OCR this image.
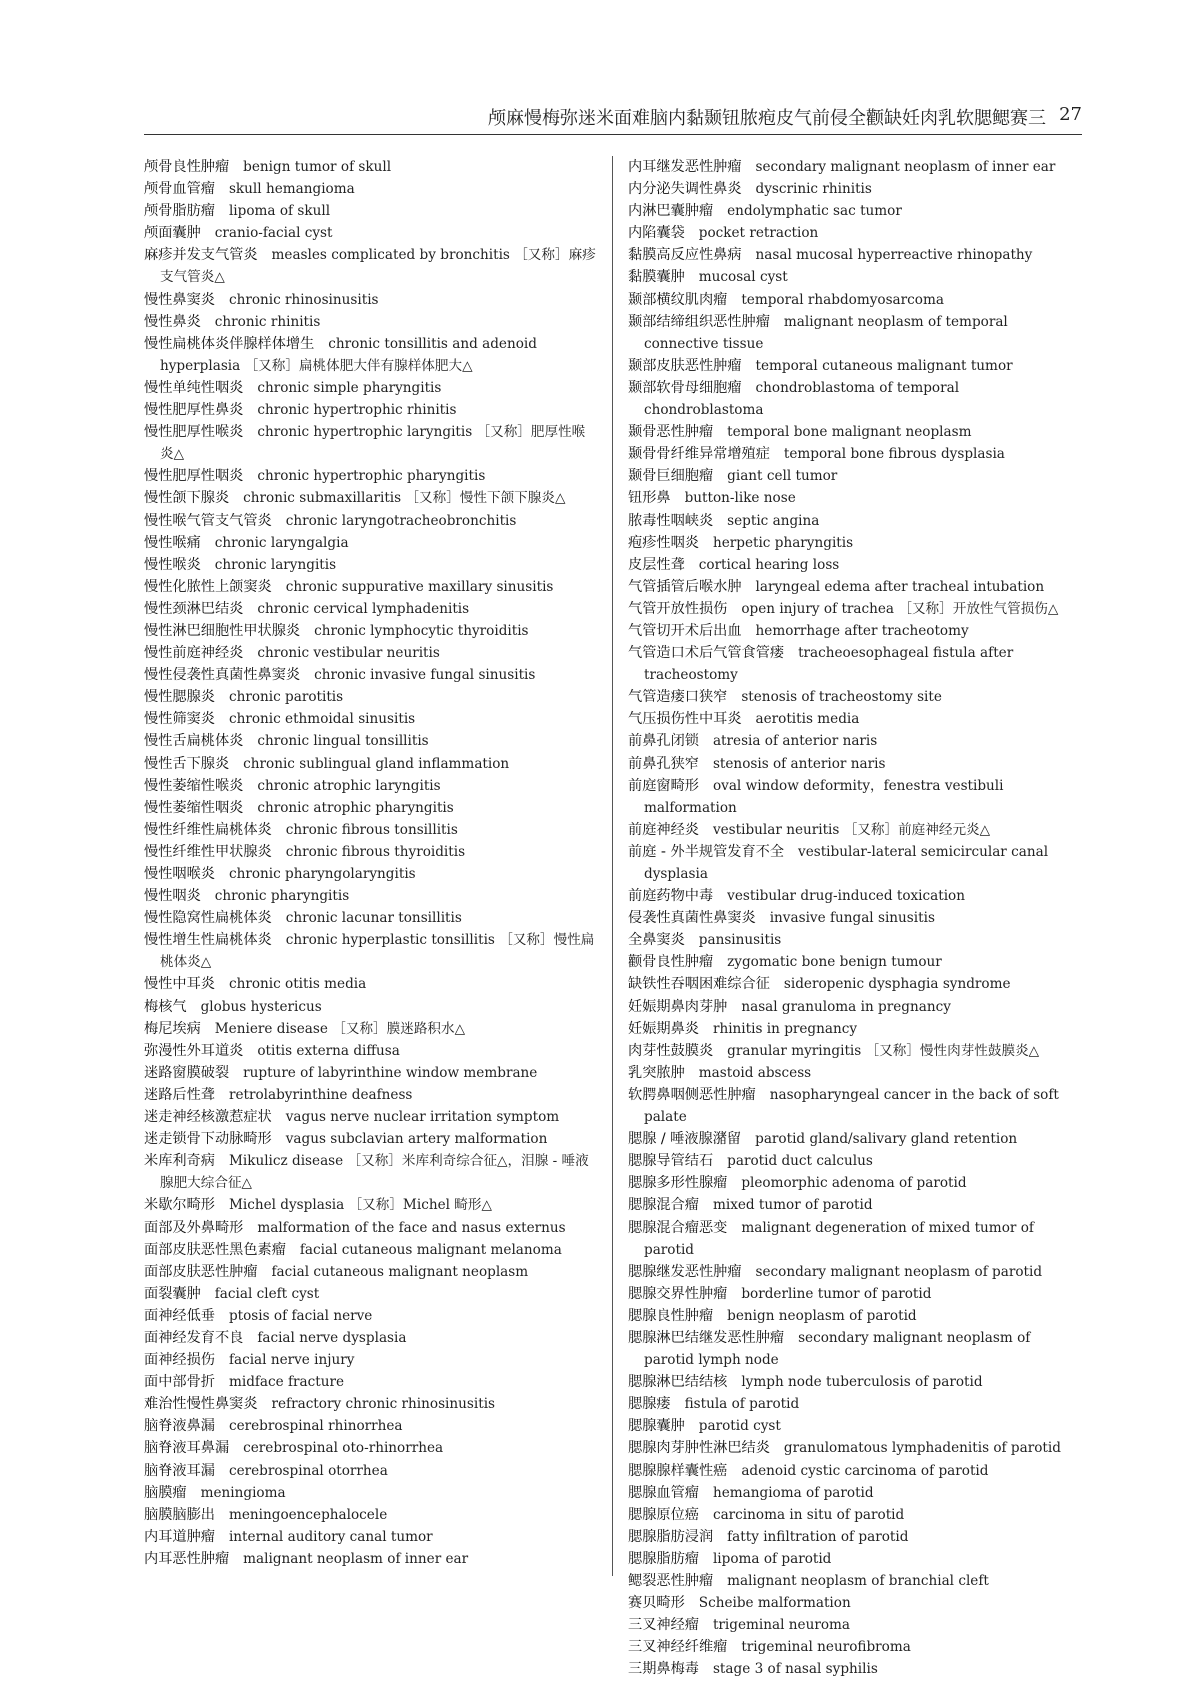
颅麻慢梅弥迷米面难脑内黏颞钮脓疱皮气前侵全颧缺妊肉乳软腮鳃赛三 27

颅骨良性肿瘤 benign tumor of skull

颅骨血管瘤 skull hemangioma

颅骨脂肪瘤 lipoma of skull

颅面囊肿 cranio-facial cyst

麻疹并发支气管炎 measles complicated by bronchitis ［又称］麻疹支气管炎△

慢性鼻窦炎 chronic rhinosinusitis

慢性鼻炎 chronic rhinitis

慢性扁桃体炎伴腺样体增生 chronic tonsillitis and adenoid hyperplasia ［又称］扁桃体肥大伴有腺样体肥大△

慢性单纯性咽炎 chronic simple pharyngitis

慢性肥厚性鼻炎 chronic hypertrophic rhinitis

慢性肥厚性喉炎 chronic hypertrophic laryngitis ［又称］肥厚性喉炎△

慢性肥厚性咽炎 chronic hypertrophic pharyngitis

慢性颌下腺炎 chronic submaxillaritis ［又称］慢性下颌下腺炎△

慢性喉气管支气管炎 chronic laryngotracheobronchitis

慢性喉痛 chronic laryngalgia

慢性喉炎 chronic laryngitis

慢性化脓性上颌窦炎 chronic suppurative maxillary sinusitis

慢性颈淋巴结炎 chronic cervical lymphadenitis

慢性淋巴细胞性甲状腺炎 chronic lymphocytic thyroiditis

慢性前庭神经炎 chronic vestibular neuritis

慢性侵袭性真菌性鼻窦炎 chronic invasive fungal sinusitis

慢性腮腺炎 chronic parotitis

慢性筛窦炎 chronic ethmoidal sinusitis

慢性舌扁桃体炎 chronic lingual tonsillitis

慢性舌下腺炎 chronic sublingual gland inflammation

慢性萎缩性喉炎 chronic atrophic laryngitis

慢性萎缩性咽炎 chronic atrophic pharyngitis

慢性纤维性扁桃体炎 chronic fibrous tonsillitis

慢性纤维性甲状腺炎 chronic fibrous thyroiditis

慢性咽喉炎 chronic pharyngolaryngitis

慢性咽炎 chronic pharyngitis

慢性隐窝性扁桃体炎 chronic lacunar tonsillitis

慢性增生性扁桃体炎 chronic hyperplastic tonsillitis ［又称］慢性扁桃体炎△

慢性中耳炎 chronic otitis media

梅核气 globus hystericus

梅尼埃病 Meniere disease ［又称］膜迷路积水△

弥漫性外耳道炎 otitis externa diffusa

迷路窗膜破裂 rupture of labyrinthine window membrane

迷路后性聋 retrolabyrinthine deafness

迷走神经核激惹症状 vagus nerve nuclear irritation symptom

迷走锁骨下动脉畸形 vagus subclavian artery malformation

米库利奇病 Mikulicz disease ［又称］米库利奇综合征△，泪腺 - 唾液腺肥大综合征△

米歇尔畸形 Michel dysplasia ［又称］Michel 畸形△

面部及外鼻畸形 malformation of the face and nasus externus

面部皮肤恶性黑色素瘤 facial cutaneous malignant melanoma

面部皮肤恶性肿瘤 facial cutaneous malignant neoplasm

面裂囊肿 facial cleft cyst

面神经低垂 ptosis of facial nerve

面神经发育不良 facial nerve dysplasia

面神经损伤 facial nerve injury

面中部骨折 midface fracture

难治性慢性鼻窦炎 refractory chronic rhinosinusitis

脑脊液鼻漏 cerebrospinal rhinorrhea

脑脊液耳鼻漏 cerebrospinal oto-rhinorrhea

脑脊液耳漏 cerebrospinal otorrhea

脑膜瘤 meningioma

脑膜脑膨出 meningoencephalocele

内耳道肿瘤 internal auditory canal tumor

内耳恶性肿瘤 malignant neoplasm of inner ear

内耳继发恶性肿瘤 secondary malignant neoplasm of inner ear

内分泌失调性鼻炎 dyscrinic rhinitis

内淋巴囊肿瘤 endolymphatic sac tumor

内陷囊袋 pocket retraction

黏膜高反应性鼻病 nasal mucosal hyperreactive rhinopathy

黏膜囊肿 mucosal cyst

颞部横纹肌肉瘤 temporal rhabdomyosarcoma

颞部结缔组织恶性肿瘤 malignant neoplasm of temporal connective tissue

颞部皮肤恶性肿瘤 temporal cutaneous malignant tumor

颞部软骨母细胞瘤 chondroblastoma of temporal chondroblastoma

颞骨恶性肿瘤 temporal bone malignant neoplasm

颞骨骨纤维异常增殖症 temporal bone fibrous dysplasia

颞骨巨细胞瘤 giant cell tumor

钮形鼻 button-like nose

脓毒性咽峡炎 septic angina

疱疹性咽炎 herpetic pharyngitis

皮层性聋 cortical hearing loss

气管插管后喉水肿 laryngeal edema after tracheal intubation

气管开放性损伤 open injury of trachea ［又称］开放性气管损伤△

气管切开术后出血 hemorrhage after tracheotomy

气管造口术后气管食管瘘 tracheoesophageal fistula after tracheostomy

气管造瘘口狭窄 stenosis of tracheostomy site

气压损伤性中耳炎 aerotitis media

前鼻孔闭锁 atresia of anterior naris

前鼻孔狭窄 stenosis of anterior naris

前庭窗畸形 oval window deformity，fenestra vestibuli malformation

前庭神经炎 vestibular neuritis ［又称］前庭神经元炎△

前庭 - 外半规管发育不全 vestibular-lateral semicircular canal dysplasia

前庭药物中毒 vestibular drug-induced toxication

侵袭性真菌性鼻窦炎 invasive fungal sinusitis

全鼻窦炎 pansinusitis

颧骨良性肿瘤 zygomatic bone benign tumour

缺铁性吞咽困难综合征 sideropenic dysphagia syndrome

妊娠期鼻肉芽肿 nasal granuloma in pregnancy

妊娠期鼻炎 rhinitis in pregnancy

肉芽性鼓膜炎 granular myringitis ［又称］慢性肉芽性鼓膜炎△

乳突脓肿 mastoid abscess

软腭鼻咽侧恶性肿瘤 nasopharyngeal cancer in the back of soft palate

腮腺 / 唾液腺潴留 parotid gland/salivary gland retention

腮腺导管结石 parotid duct calculus

腮腺多形性腺瘤 pleomorphic adenoma of parotid

腮腺混合瘤 mixed tumor of parotid

腮腺混合瘤恶变 malignant degeneration of mixed tumor of parotid

腮腺继发恶性肿瘤 secondary malignant neoplasm of parotid

腮腺交界性肿瘤 borderline tumor of parotid

腮腺良性肿瘤 benign neoplasm of parotid

腮腺淋巴结继发恶性肿瘤 secondary malignant neoplasm of parotid lymph node

腮腺淋巴结结核 lymph node tuberculosis of parotid

腮腺瘘 fistula of parotid

腮腺囊肿 parotid cyst

腮腺肉芽肿性淋巴结炎 granulomatous lymphadenitis of parotid

腮腺腺样囊性癌 adenoid cystic carcinoma of parotid

腮腺血管瘤 hemangioma of parotid

腮腺原位癌 carcinoma in situ of parotid

腮腺脂肪浸润 fatty infiltration of parotid

腮腺脂肪瘤 lipoma of parotid

鳃裂恶性肿瘤 malignant neoplasm of branchial cleft

赛贝畸形 Scheibe malformation

三叉神经瘤 trigeminal neuroma

三叉神经纤维瘤 trigeminal neurofibroma

三期鼻梅毒 stage 3 of nasal syphilis
